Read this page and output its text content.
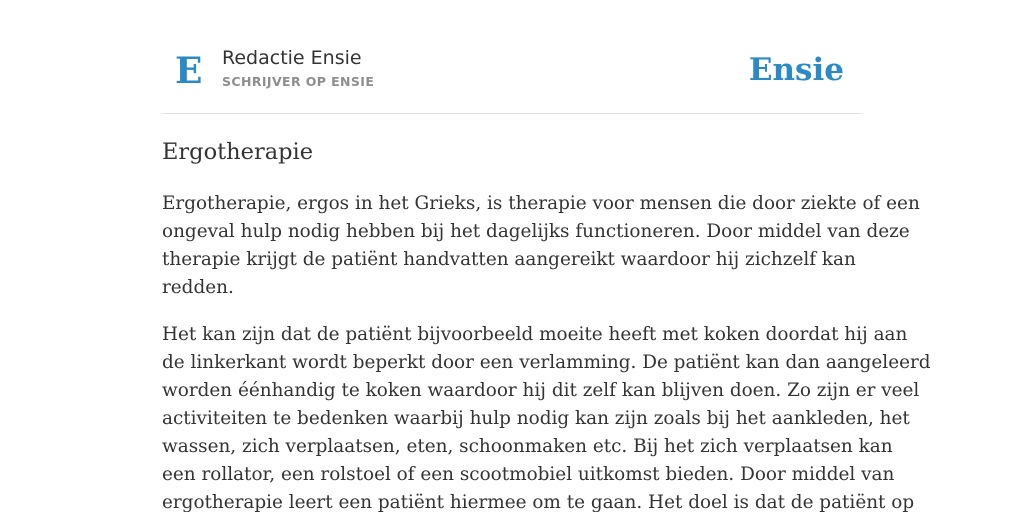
E Redactie Ensie
SCHRIJVER OP ENSIE	Ensie
Ergotherapie

Ergotherapie, ergos in het Grieks, is therapie voor mensen die door ziekte of een
ongeval hulp nodig hebben bij het dagelijks functioneren. Door middel van deze
therapie krijgt de patiënt handvatten aangereikt waardoor hij zichzelf kan
redden.

Het kan zijn dat de patiënt bijvoorbeeld moeite heeft met koken doordat hij aan
de linkerkant wordt beperkt door een verlamming. De patiënt kan dan aangeleerd
worden éénhandig te koken waardoor hij dit zelf kan blijven doen. Zo zijn er veel
activiteiten te bedenken waarbij hulp nodig kan zijn zoals bij het aankleden, het
wassen, zich verplaatsen, eten, schoonmaken etc. Bij het zich verplaatsen kan
een rollator, een rolstoel of een scootmobiel uitkomst bieden. Door middel van
ergotherapie leert een patiënt hiermee om te gaan. Het doel is dat de patiënt op
